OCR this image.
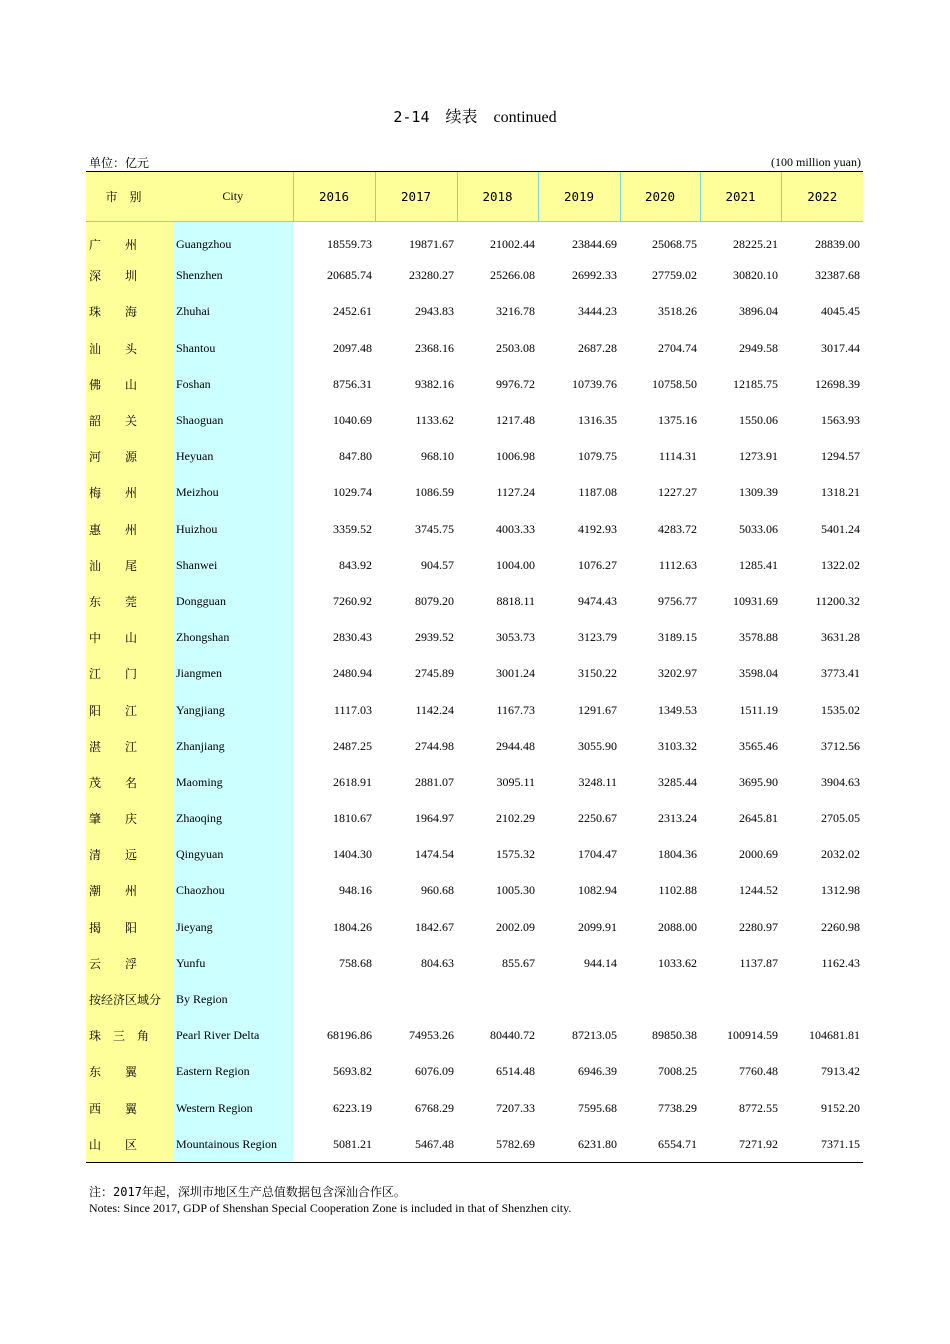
2-14 续表 continued
单位：亿元	(100 million yuan)
市别	City	2016	2017	2018	2019	2020	2021	2022
广　　州	Guangzhou	18559.73	19871.67	21002.44	23844.69	25068.75	28225.21	28839.00
深　　圳	Shenzhen	20685.74	23280.27	25266.08	26992.33	27759.02	30820.10	32387.68
珠　　海	Zhuhai	2452.61	2943.83	3216.78	3444.23	3518.26	3896.04	4045.45
汕　　头	Shantou	2097.48	2368.16	2503.08	2687.28	2704.74	2949.58	3017.44
佛　　山	Foshan	8756.31	9382.16	9976.72	10739.76	10758.50	12185.75	12698.39
韶　　关	Shaoguan	1040.69	1133.62	1217.48	1316.35	1375.16	1550.06	1563.93
河　　源	Heyuan	847.80	968.10	1006.98	1079.75	1114.31	1273.91	1294.57
梅　　州	Meizhou	1029.74	1086.59	1127.24	1187.08	1227.27	1309.39	1318.21
惠　　州	Huizhou	3359.52	3745.75	4003.33	4192.93	4283.72	5033.06	5401.24
汕　　尾	Shanwei	843.92	904.57	1004.00	1076.27	1112.63	1285.41	1322.02
东　　莞	Dongguan	7260.92	8079.20	8818.11	9474.43	9756.77	10931.69	11200.32
中　　山	Zhongshan	2830.43	2939.52	3053.73	3123.79	3189.15	3578.88	3631.28
江　　门	Jiangmen	2480.94	2745.89	3001.24	3150.22	3202.97	3598.04	3773.41
阳　　江	Yangjiang	1117.03	1142.24	1167.73	1291.67	1349.53	1511.19	1535.02
湛　　江	Zhanjiang	2487.25	2744.98	2944.48	3055.90	3103.32	3565.46	3712.56
茂　　名	Maoming	2618.91	2881.07	3095.11	3248.11	3285.44	3695.90	3904.63
肇　　庆	Zhaoqing	1810.67	1964.97	2102.29	2250.67	2313.24	2645.81	2705.05
清　　远	Qingyuan	1404.30	1474.54	1575.32	1704.47	1804.36	2000.69	2032.02
潮　　州	Chaozhou	948.16	960.68	1005.30	1082.94	1102.88	1244.52	1312.98
揭　　阳	Jieyang	1804.26	1842.67	2002.09	2099.91	2088.00	2280.97	2260.98
云　　浮	Yunfu	758.68	804.63	855.67	944.14	1033.62	1137.87	1162.43
按经济区域分	By Region							
珠　三　角	Pearl River Delta	68196.86	74953.26	80440.72	87213.05	89850.38	100914.59	104681.81
东　　翼	Eastern Region	5693.82	6076.09	6514.48	6946.39	7008.25	7760.48	7913.42
西　　翼	Western Region	6223.19	6768.29	7207.33	7595.68	7738.29	8772.55	9152.20
山　　区	Mountainous Region	5081.21	5467.48	5782.69	6231.80	6554.71	7271.92	7371.15
注：2017年起，深圳市地区生产总值数据包含深汕合作区。
Notes: Since 2017, GDP of Shenshan Special Cooperation Zone is included in that of Shenzhen city.
